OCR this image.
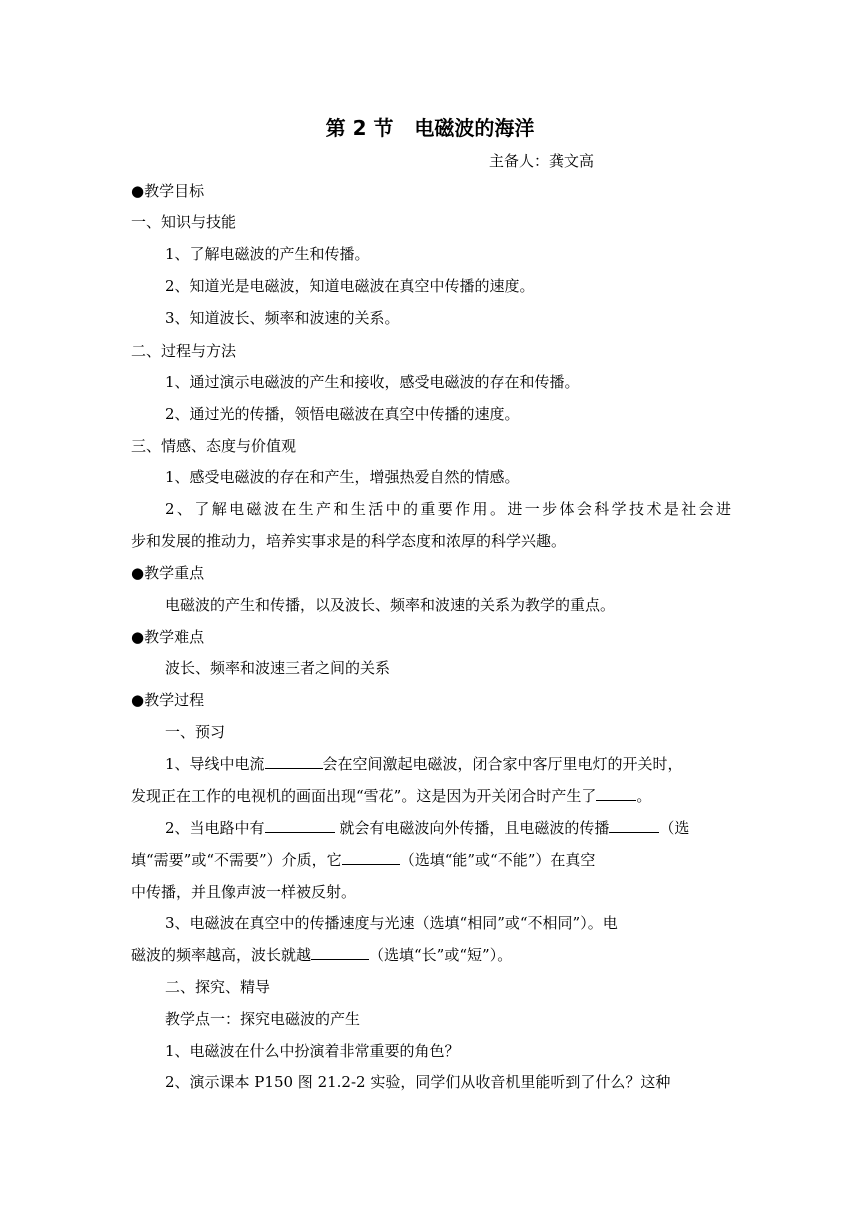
第 2 节   电磁波的海洋
主备人：龚文高
● 教学目标
一、知识与技能
1、了解电磁波的产生和传播。
2、知道光是电磁波，知道电磁波在真空中传播的速度。
3、知道波长、频率和波速的关系。
二、过程与方法
1、通过演示电磁波的产生和接收，感受电磁波的存在和传播。
2、通过光的传播，领悟电磁波在真空中传播的速度。
三、情感、态度与价值观
1、感受电磁波的存在和产生，增强热爱自然的情感。
2、了解电磁波在生产和生活中的重要作用。进一步体会科学技术是社会进
步和发展的推动力，培养实事求是的科学态度和浓厚的科学兴趣。
● 教学重点
电磁波的产生和传播，以及波长、频率和波速的关系为教学的重点。
● 教学难点
波长、频率和波速三者之间的关系
● 教学过程
一、预习
1、导线中电流	会在空间激起电磁波，闭合家中客厅里电灯的开关时，
发现正在工作的电视机的画面出现“雪花”。这是因为开关闭合时产生了	。
2、当电路中有	就会有电磁波向外传播，且电磁波的传播	（选
填“需要”或“不需要”）介质，它	（选填“能”或“不能”）在真空
中传播，并且像声波一样被反射。
3、电磁波在真空中的传播速度与光速（选填“相同”或“不相同”）。电
磁波的频率越高，波长就越	（选填“长”或“短”）。
二、探究、精导
教学点一：探究电磁波的产生
1、电磁波在什么中扮演着非常重要的角色？
2、演示课本 P150 图 21.2-2 实验，同学们从收音机里能听到了什么？这种
